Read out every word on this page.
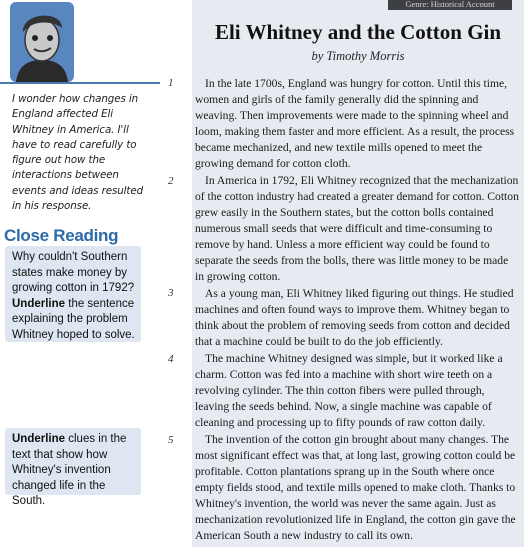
I wonder how changes in England affected Eli Whitney in America. I'll have to read carefully to figure out how the interactions between events and ideas resulted in his response.
Close Reading
Why couldn't Southern states make money by growing cotton in 1792? Underline the sentence explaining the problem Whitney hoped to solve.
Underline clues in the text that show how Whitney's invention changed life in the South.
Genre: Historical Account
Eli Whitney and the Cotton Gin
by Timothy Morris
1	In the late 1700s, England was hungry for cotton. Until this time, women and girls of the family generally did the spinning and weaving. Then improvements were made to the spinning wheel and loom, making them faster and more efficient. As a result, the process became mechanized, and new textile mills opened to meet the growing demand for cotton cloth.
2	In America in 1792, Eli Whitney recognized that the mechanization of the cotton industry had created a greater demand for cotton. Cotton grew easily in the Southern states, but the cotton bolls contained numerous small seeds that were difficult and time-consuming to remove by hand. Unless a more efficient way could be found to separate the seeds from the bolls, there was little money to be made in growing cotton.
3	As a young man, Eli Whitney liked figuring out things. He studied machines and often found ways to improve them. Whitney began to think about the problem of removing seeds from cotton and decided that a machine could be built to do the job efficiently.
4	The machine Whitney designed was simple, but it worked like a charm. Cotton was fed into a machine with short wire teeth on a revolving cylinder. The thin cotton fibers were pulled through, leaving the seeds behind. Now, a single machine was capable of cleaning and processing up to fifty pounds of raw cotton daily.
5	The invention of the cotton gin brought about many changes. The most significant effect was that, at long last, growing cotton could be profitable. Cotton plantations sprang up in the South where once empty fields stood, and textile mills opened to make cloth. Thanks to Whitney's invention, the world was never the same again. Just as mechanization revolutionized life in England, the cotton gin gave the American South a new industry to call its own.
